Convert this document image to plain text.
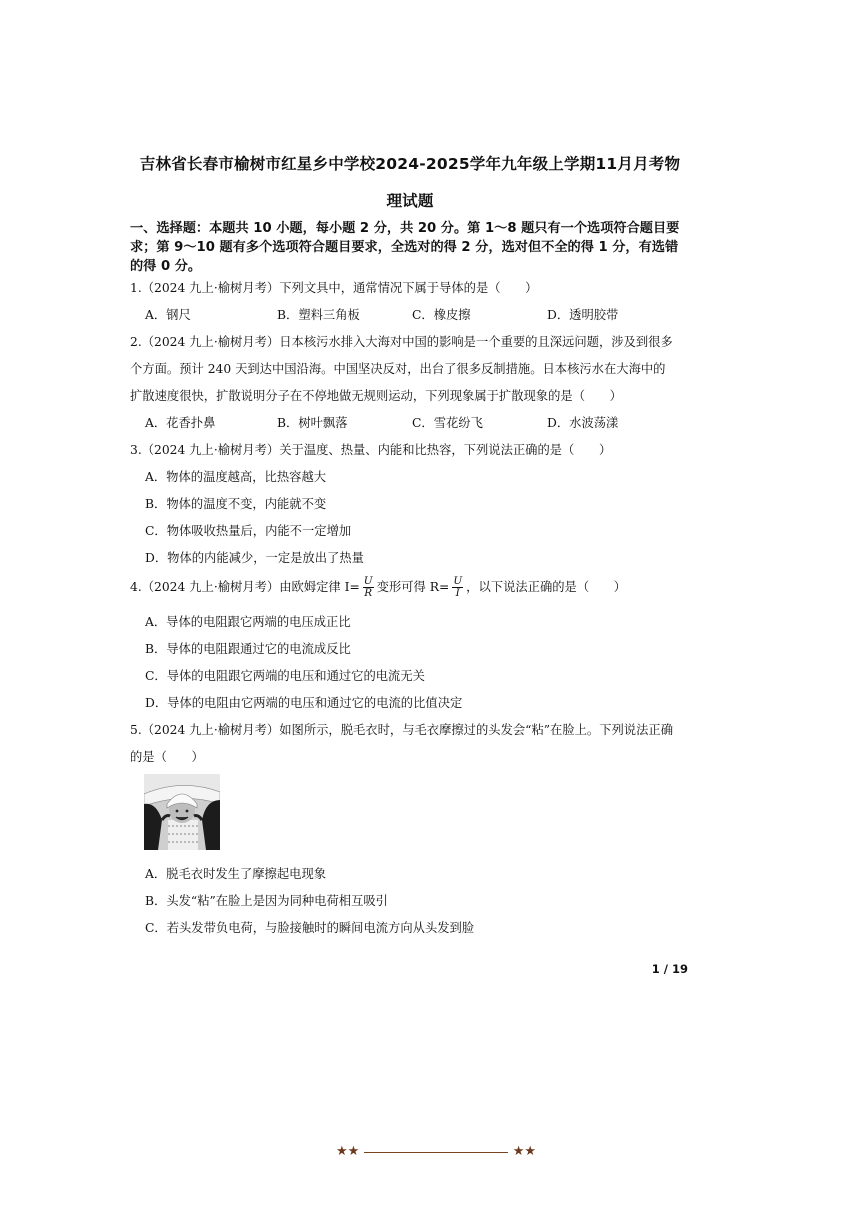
吉林省长春市榆树市红星乡中学校2024-2025学年九年级上学期11月月考物
理试题
一、选择题：本题共 10 小题，每小题 2 分，共 20 分。第 1～8 题只有一个选项符合题目要
求；第 9～10 题有多个选项符合题目要求，全选对的得 2 分，选对但不全的得 1 分，有选错
的得 0 分。
1.（2024 九上·榆树月考）下列文具中，通常情况下属于导体的是（　　）
A．钢尺	B．塑料三角板	C．橡皮擦	D．透明胶带
2.（2024 九上·榆树月考）日本核污水排入大海对中国的影响是一个重要的且深远问题，涉及到很多
个方面。预计 240 天到达中国沿海。中国坚决反对，出台了很多反制措施。日本核污水在大海中的
扩散速度很快，扩散说明分子在不停地做无规则运动，下列现象属于扩散现象的是（　　）
A．花香扑鼻	B．树叶飘落	C．雪花纷飞	D．水波荡漾
3.（2024 九上·榆树月考）关于温度、热量、内能和比热容，下列说法正确的是（　　）
A．物体的温度越高，比热容越大
B．物体的温度不变，内能就不变
C．物体吸收热量后，内能不一定增加
D．物体的内能减少，一定是放出了热量
4.（2024 九上·榆树月考）由欧姆定律 $I= \frac{U}{R}$ 变形可得 $R= \frac{U}{I}$ ，以下说法正确的是（　　）
A．导体的电阻跟它两端的电压成正比
B．导体的电阻跟通过它的电流成反比
C．导体的电阻跟它两端的电压和通过它的电流无关
D．导体的电阻由它两端的电压和通过它的电流的比值决定
5.（2024 九上·榆树月考）如图所示，脱毛衣时，与毛衣摩擦过的头发会“粘”在脸上。下列说法正确
的是（　　）
A．脱毛衣时发生了摩擦起电现象
B．头发“粘”在脸上是因为同种电荷相互吸引
C．若头发带负电荷，与脸接触时的瞬间电流方向从头发到脸
1 / 19
★★	★★
